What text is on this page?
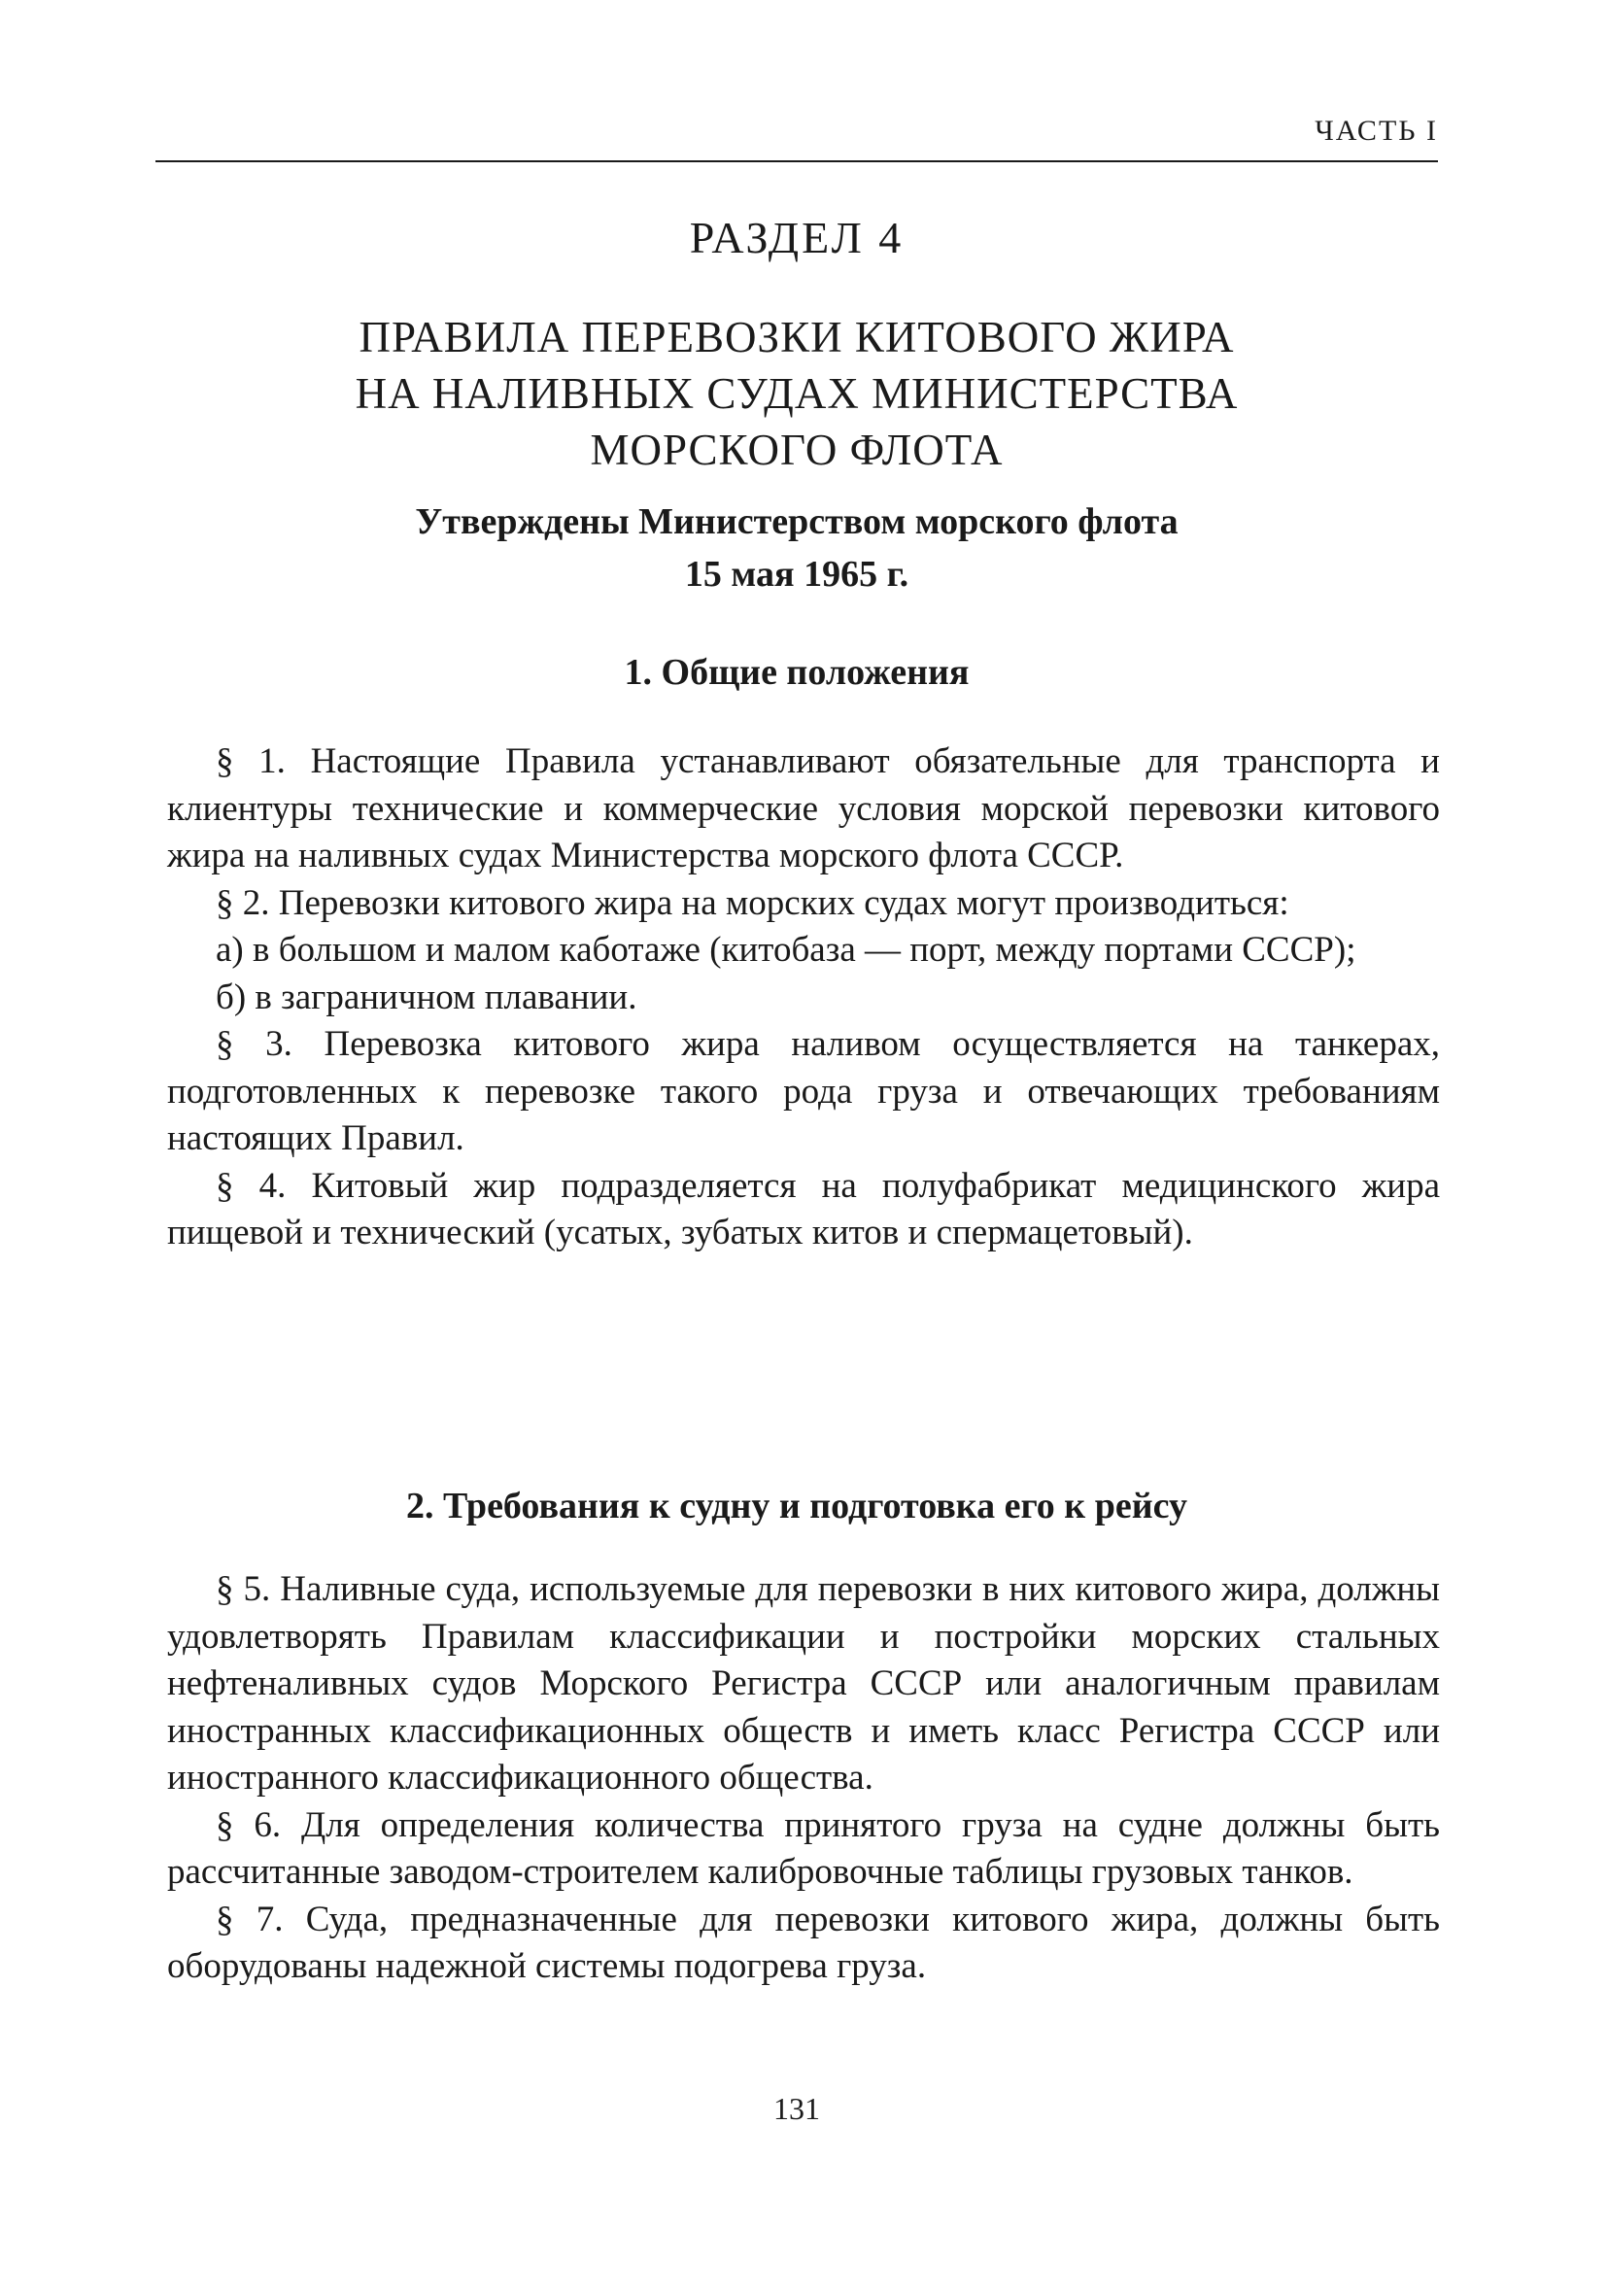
ЧАСТЬ I
РАЗДЕЛ 4
ПРАВИЛА ПЕРЕВОЗКИ КИТОВОГО ЖИРА
НА НАЛИВНЫХ СУДАХ МИНИСТЕРСТВА
МОРСКОГО ФЛОТА
Утверждены Министерством морского флота
15 мая 1965 г.
1. Общие положения

§ 1. Настоящие Правила устанавливают обязательные для транспорта и клиентуры технические и коммерческие условия морской перевозки китового жира на наливных судах Министерства морского флота СССР.

§ 2. Перевозки китового жира на морских судах могут производиться:

а) в большом и малом каботаже (китобаза — порт, между портами СССР);

б) в заграничном плавании.

§ 3. Перевозка китового жира наливом осуществляется на танкерах, подготовленных к перевозке такого рода груза и отвечающих требованиям настоящих Правил.

§ 4. Китовый жир подразделяется на полуфабрикат медицинского жира пищевой и технический (усатых, зубатых китов и спермацетовый).

2. Требования к судну и подготовка его к рейсу

§ 5. Наливные суда, используемые для перевозки в них китового жира, должны удовлетворять Правилам классификации и постройки морских стальных нефтеналивных судов Морского Регистра СССР или аналогичным правилам иностранных классификационных обществ и иметь класс Регистра СССР или иностранного классификационного общества.

§ 6. Для определения количества принятого груза на судне должны быть рассчитанные заводом-строителем калибровочные таблицы грузовых танков.

§ 7. Суда, предназначенные для перевозки китового жира, должны быть оборудованы надежной системы подогрева груза.

131
